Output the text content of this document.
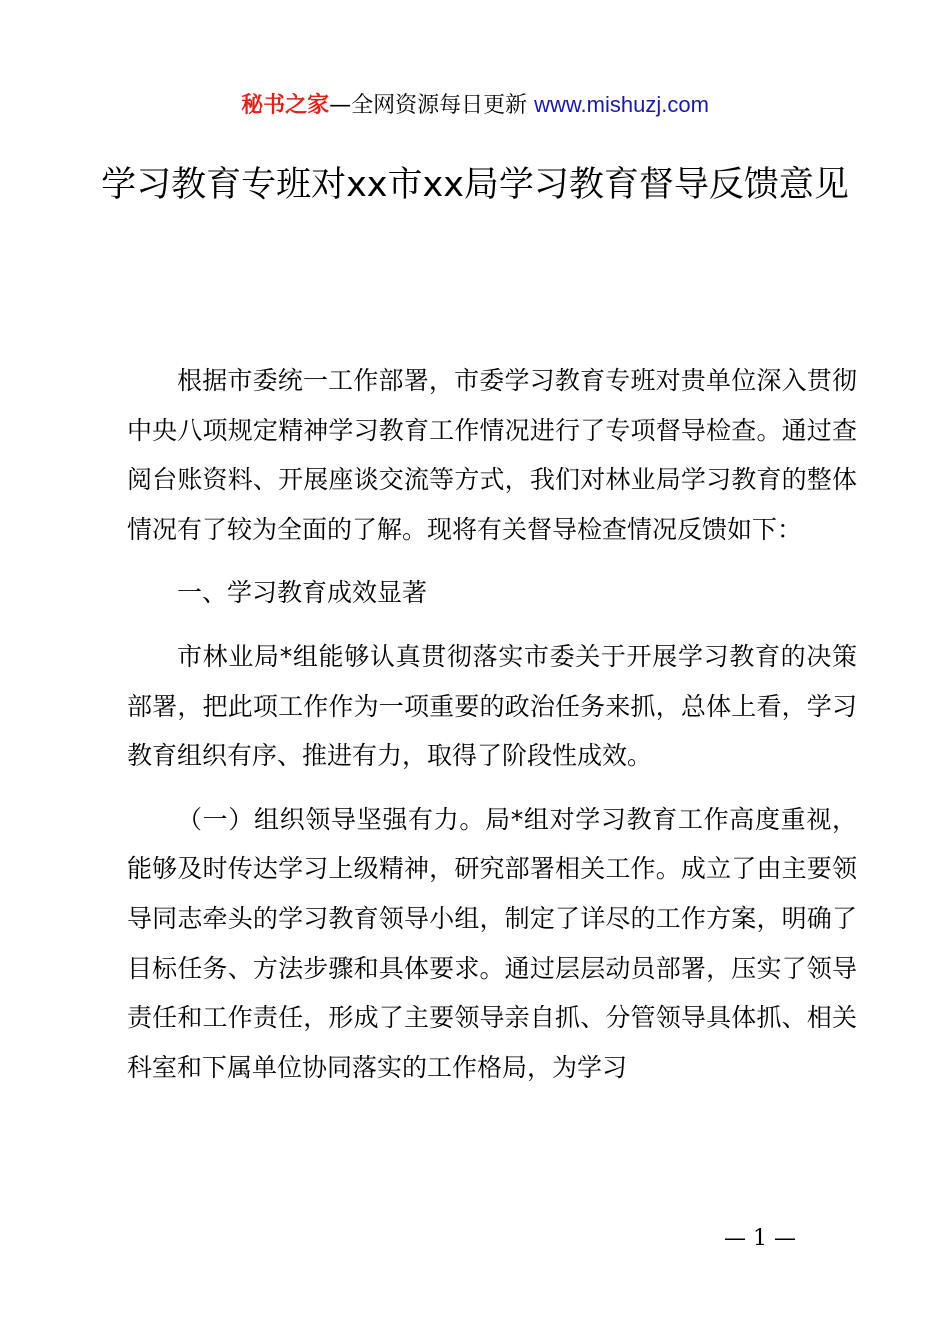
秘书之家—全网资源每日更新 www.mishuzj.com
学习教育专班对xx市xx局学习教育督导反馈意见

根据市委统一工作部署，市委学习教育专班对贵单位深入贯彻中央八项规定精神学习教育工作情况进行了专项督导检查。通过查阅台账资料、开展座谈交流等方式，我们对林业局学习教育的整体情况有了较为全面的了解。现将有关督导检查情况反馈如下：

一、学习教育成效显著

市林业局*组能够认真贯彻落实市委关于开展学习教育的决策部署，把此项工作作为一项重要的政治任务来抓，总体上看，学习教育组织有序、推进有力，取得了阶段性成效。

（一）组织领导坚强有力。局*组对学习教育工作高度重视，能够及时传达学习上级精神，研究部署相关工作。成立了由主要领导同志牵头的学习教育领导小组，制定了详尽的工作方案，明确了目标任务、方法步骤和具体要求。通过层层动员部署，压实了领导责任和工作责任，形成了主要领导亲自抓、分管领导具体抓、相关科室和下属单位协同落实的工作格局，为学习

— 1 —
